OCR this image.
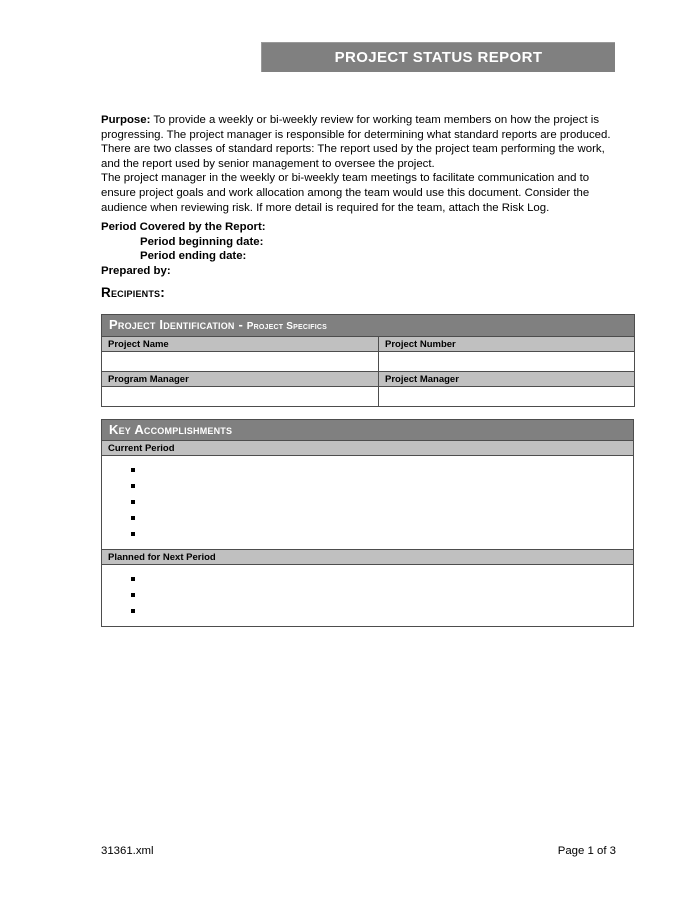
PROJECT STATUS REPORT

Purpose: To provide a weekly or bi-weekly review for working team members on how the project is progressing. The project manager is responsible for determining what standard reports are produced. There are two classes of standard reports: The report used by the project team performing the work, and the report used by senior management to oversee the project.

The project manager in the weekly or bi-weekly team meetings to facilitate communication and to ensure project goals and work allocation among the team would use this document. Consider the audience when reviewing risk. If more detail is required for the team, attach the Risk Log.

Period Covered by the Report:
Period beginning date:
Period ending date:
Prepared by:
Recipients:
Project Identification - Project Specifics	

Project Name	Project Number

Program Manager	Project Manager

Key Accomplishments

Current Period

Planned for Next Period

31361.xml	Page 1 of 3
